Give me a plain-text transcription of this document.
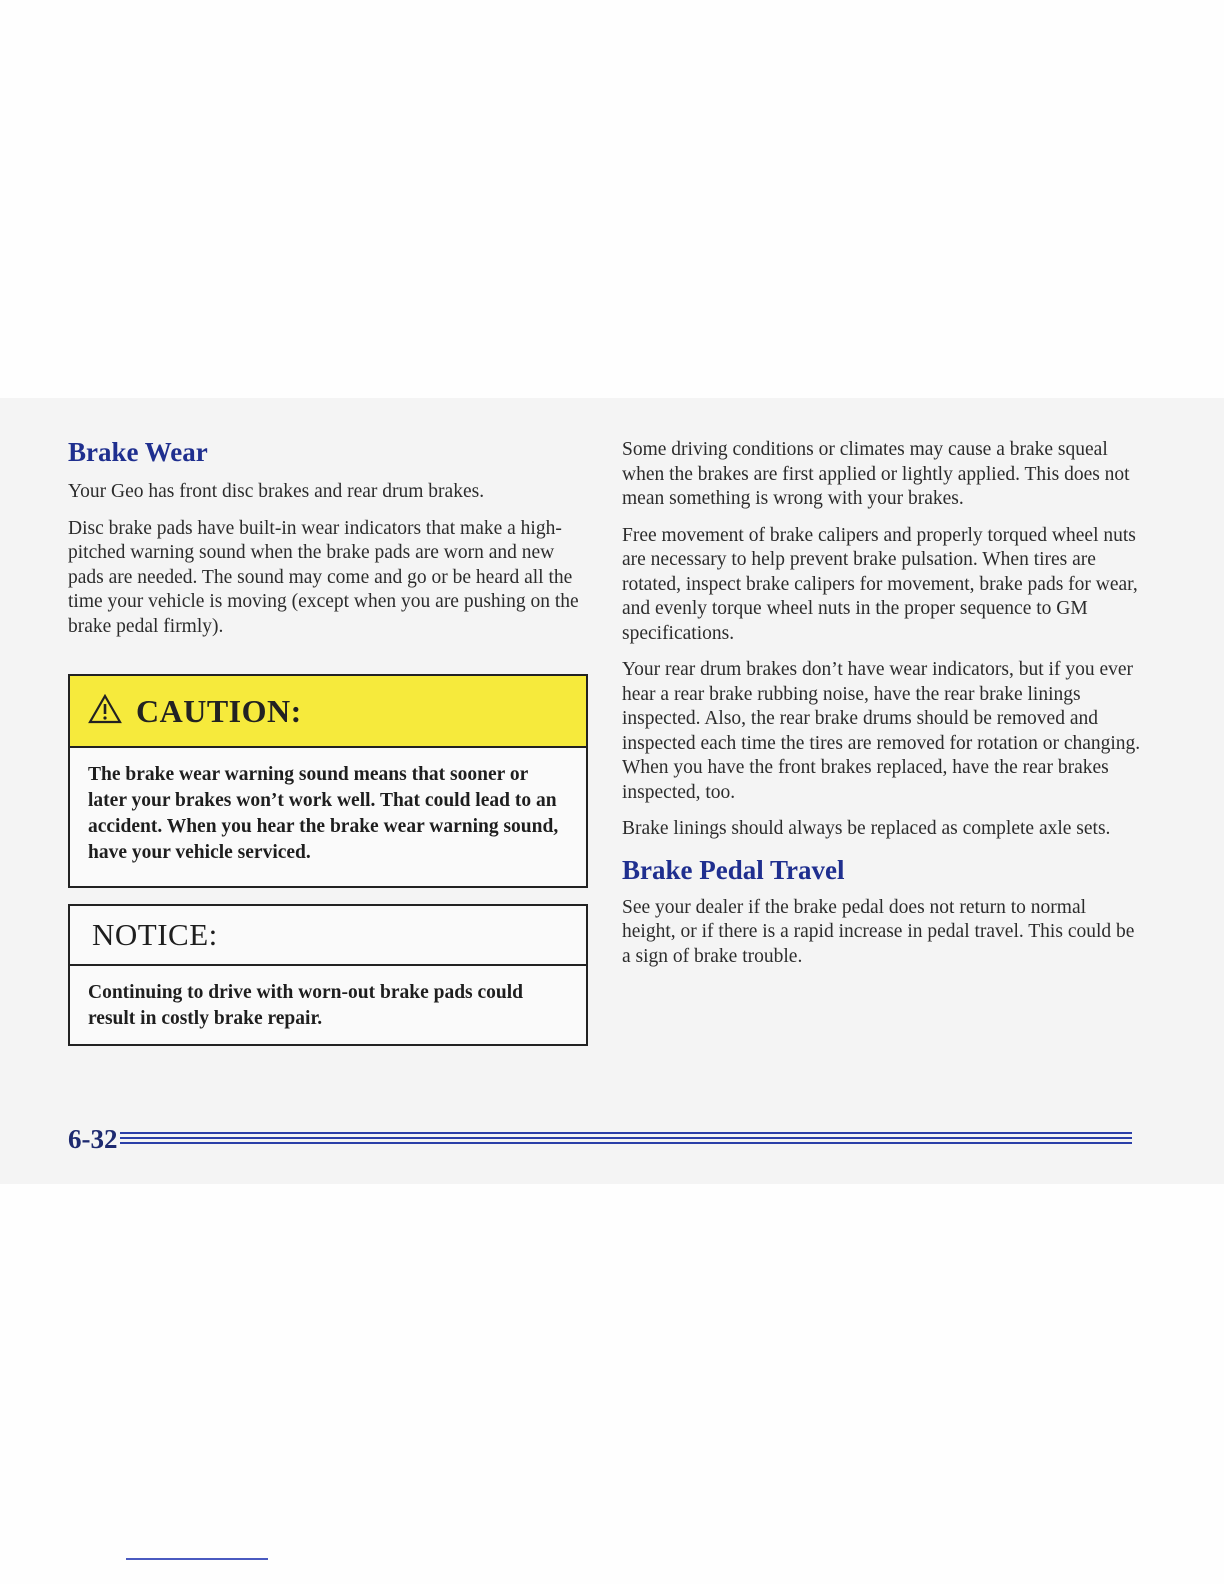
Brake Wear

Your Geo has front disc brakes and rear drum brakes.

Disc brake pads have built-in wear indicators that make a high-pitched warning sound when the brake pads are worn and new pads are needed. The sound may come and go or be heard all the time your vehicle is moving (except when you are pushing on the brake pedal firmly).

CAUTION:
The brake wear warning sound means that sooner or later your brakes won’t work well. That could lead to an accident. When you hear the brake wear warning sound, have your vehicle serviced.
NOTICE:
Continuing to drive with worn-out brake pads could result in costly brake repair.

Some driving conditions or climates may cause a brake squeal when the brakes are first applied or lightly applied. This does not mean something is wrong with your brakes.

Free movement of brake calipers and properly torqued wheel nuts are necessary to help prevent brake pulsation. When tires are rotated, inspect brake calipers for movement, brake pads for wear, and evenly torque wheel nuts in the proper sequence to GM specifications.

Your rear drum brakes don’t have wear indicators, but if you ever hear a rear brake rubbing noise, have the rear brake linings inspected. Also, the rear brake drums should be removed and inspected each time the tires are removed for rotation or changing. When you have the front brakes replaced, have the rear brakes inspected, too.

Brake linings should always be replaced as complete axle sets.

Brake Pedal Travel

See your dealer if the brake pedal does not return to normal height, or if there is a rapid increase in pedal travel. This could be a sign of brake trouble.

6-32
